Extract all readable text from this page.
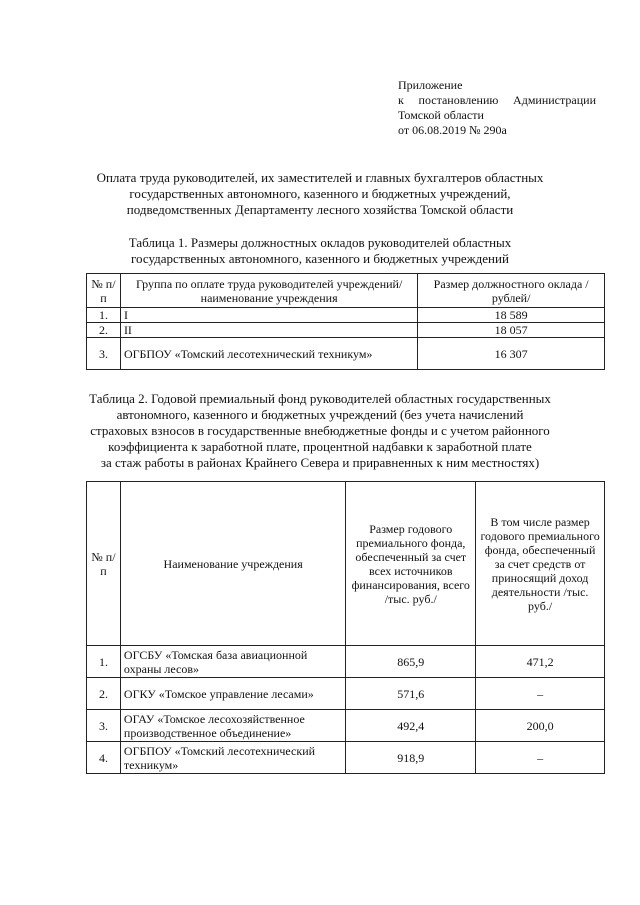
Приложение
к постановлению Администрации
Томской области
от 06.08.2019 № 290а
Оплата труда руководителей, их заместителей и главных бухгалтеров областных
государственных автономного, казенного и бюджетных учреждений,
подведомственных Департаменту лесного хозяйства Томской области
Таблица 1. Размеры должностных окладов руководителей областных
государственных автономного, казенного и бюджетных учреждений
№ п/п	Группа по оплате труда руководителей учреждений/наименование учреждения	Размер должностного оклада /рублей/
1.	I	18 589
2.	II	18 057
3.	ОГБПОУ «Томский лесотехнический техникум»	16 307
Таблица 2. Годовой премиальный фонд руководителей областных государственных
автономного, казенного и бюджетных учреждений (без учета начислений
страховых взносов в государственные внебюджетные фонды и с учетом районного
коэффициента к заработной плате, процентной надбавки к заработной плате
за стаж работы в районах Крайнего Севера и приравненных к ним местностях)
№ п/п	Наименование учреждения	Размер годового премиального фонда, обеспеченный за счет всех источников финансирования, всего /тыс. руб./	В том числе размер годового премиального фонда, обеспеченный за счет средств от приносящий доход деятельности /тыс. руб./
1.	ОГСБУ «Томская база авиационной охраны лесов»	865,9	471,2
2.	ОГКУ «Томское управление лесами»	571,6	–
3.	ОГАУ «Томское лесохозяйственное производственное объединение»	492,4	200,0
4.	ОГБПОУ «Томский лесотехнический техникум»	918,9	–
